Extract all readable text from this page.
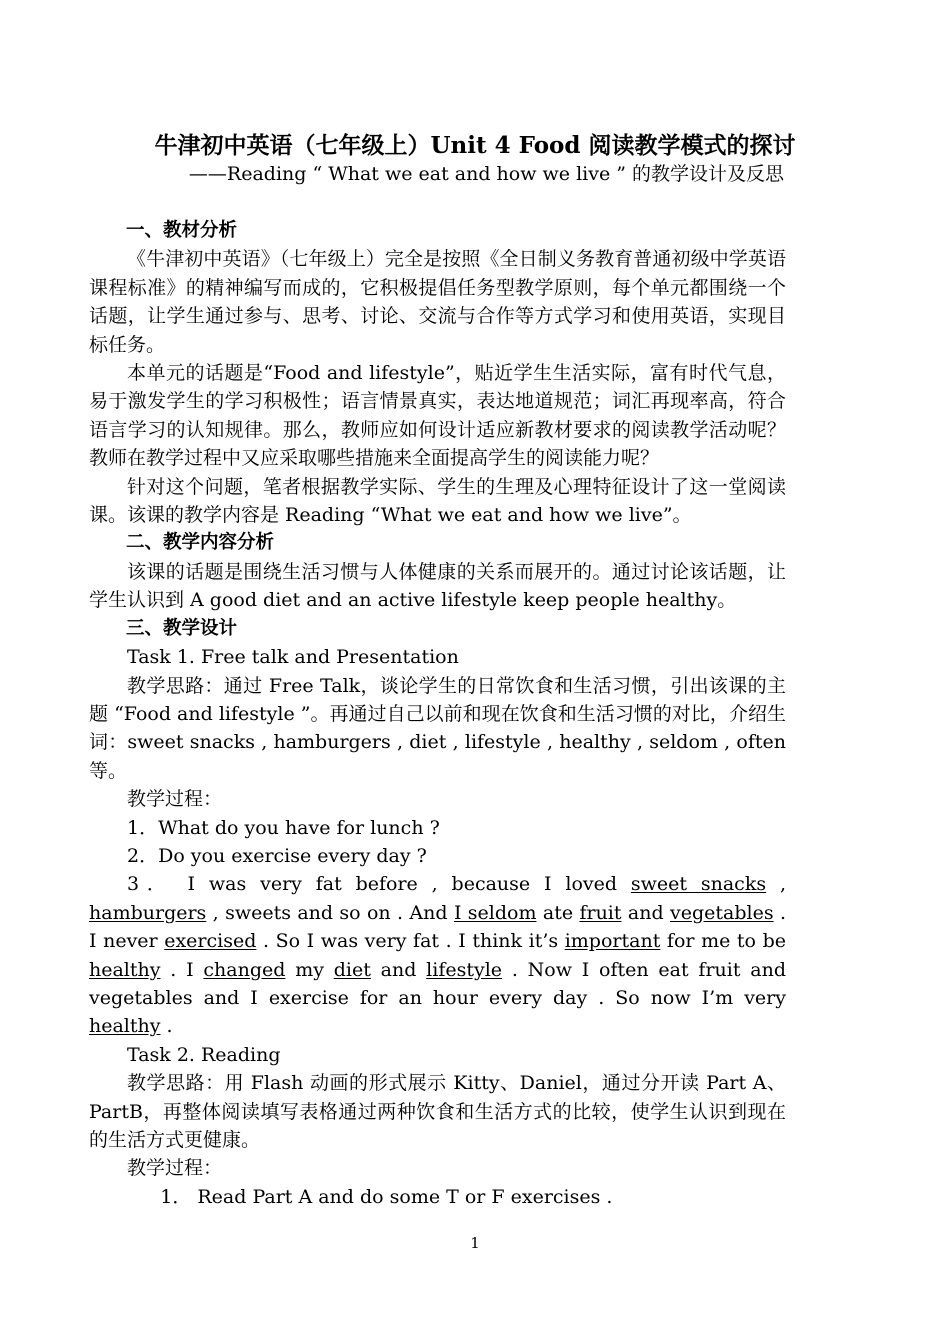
牛津初中英语（七年级上）Unit 4 Food 阅读教学模式的探讨
——Reading “ What we eat and how we live ” 的教学设计及反思

一、教材分析

《牛津初中英语》（七年级上）完全是按照《全日制义务教育普通初级中学英语课程标准》的精神编写而成的，它积极提倡任务型教学原则，每个单元都围绕一个话题，让学生通过参与、思考、讨论、交流与合作等方式学习和使用英语，实现目标任务。

本单元的话题是“Food and lifestyle”，贴近学生生活实际，富有时代气息，易于激发学生的学习积极性；语言情景真实，表达地道规范；词汇再现率高，符合语言学习的认知规律。那么，教师应如何设计适应新教材要求的阅读教学活动呢？教师在教学过程中又应采取哪些措施来全面提高学生的阅读能力呢？

针对这个问题，笔者根据教学实际、学生的生理及心理特征设计了这一堂阅读课。该课的教学内容是 Reading “What we eat and how we live”。

二、教学内容分析

该课的话题是围绕生活习惯与人体健康的关系而展开的。通过讨论该话题，让学生认识到 A good diet and an active lifestyle keep people healthy。

三、教学设计

Task 1. Free talk and Presentation

教学思路：通过 Free Talk，谈论学生的日常饮食和生活习惯，引出该课的主题 “Food and lifestyle ”。再通过自己以前和现在饮食和生活习惯的对比，介绍生词：sweet snacks , hamburgers , diet , lifestyle , healthy , seldom , often 等。

教学过程：

1．What do you have for lunch ?

2．Do you exercise every day ?

3． I was very fat before , because I loved sweet snacks , hamburgers , sweets and so on . And I seldom ate fruit and vegetables . I never exercised . So I was very fat . I think it’s important for me to be healthy . I changed my diet and lifestyle . Now I often eat fruit and vegetables and I exercise for an hour every day . So now I’m very healthy .

Task 2. Reading

教学思路：用 Flash 动画的形式展示 Kitty、Daniel，通过分开读 Part A、PartB，再整体阅读填写表格通过两种饮食和生活方式的比较，使学生认识到现在的生活方式更健康。

教学过程：

1． Read Part A and do some T or F exercises .

1
